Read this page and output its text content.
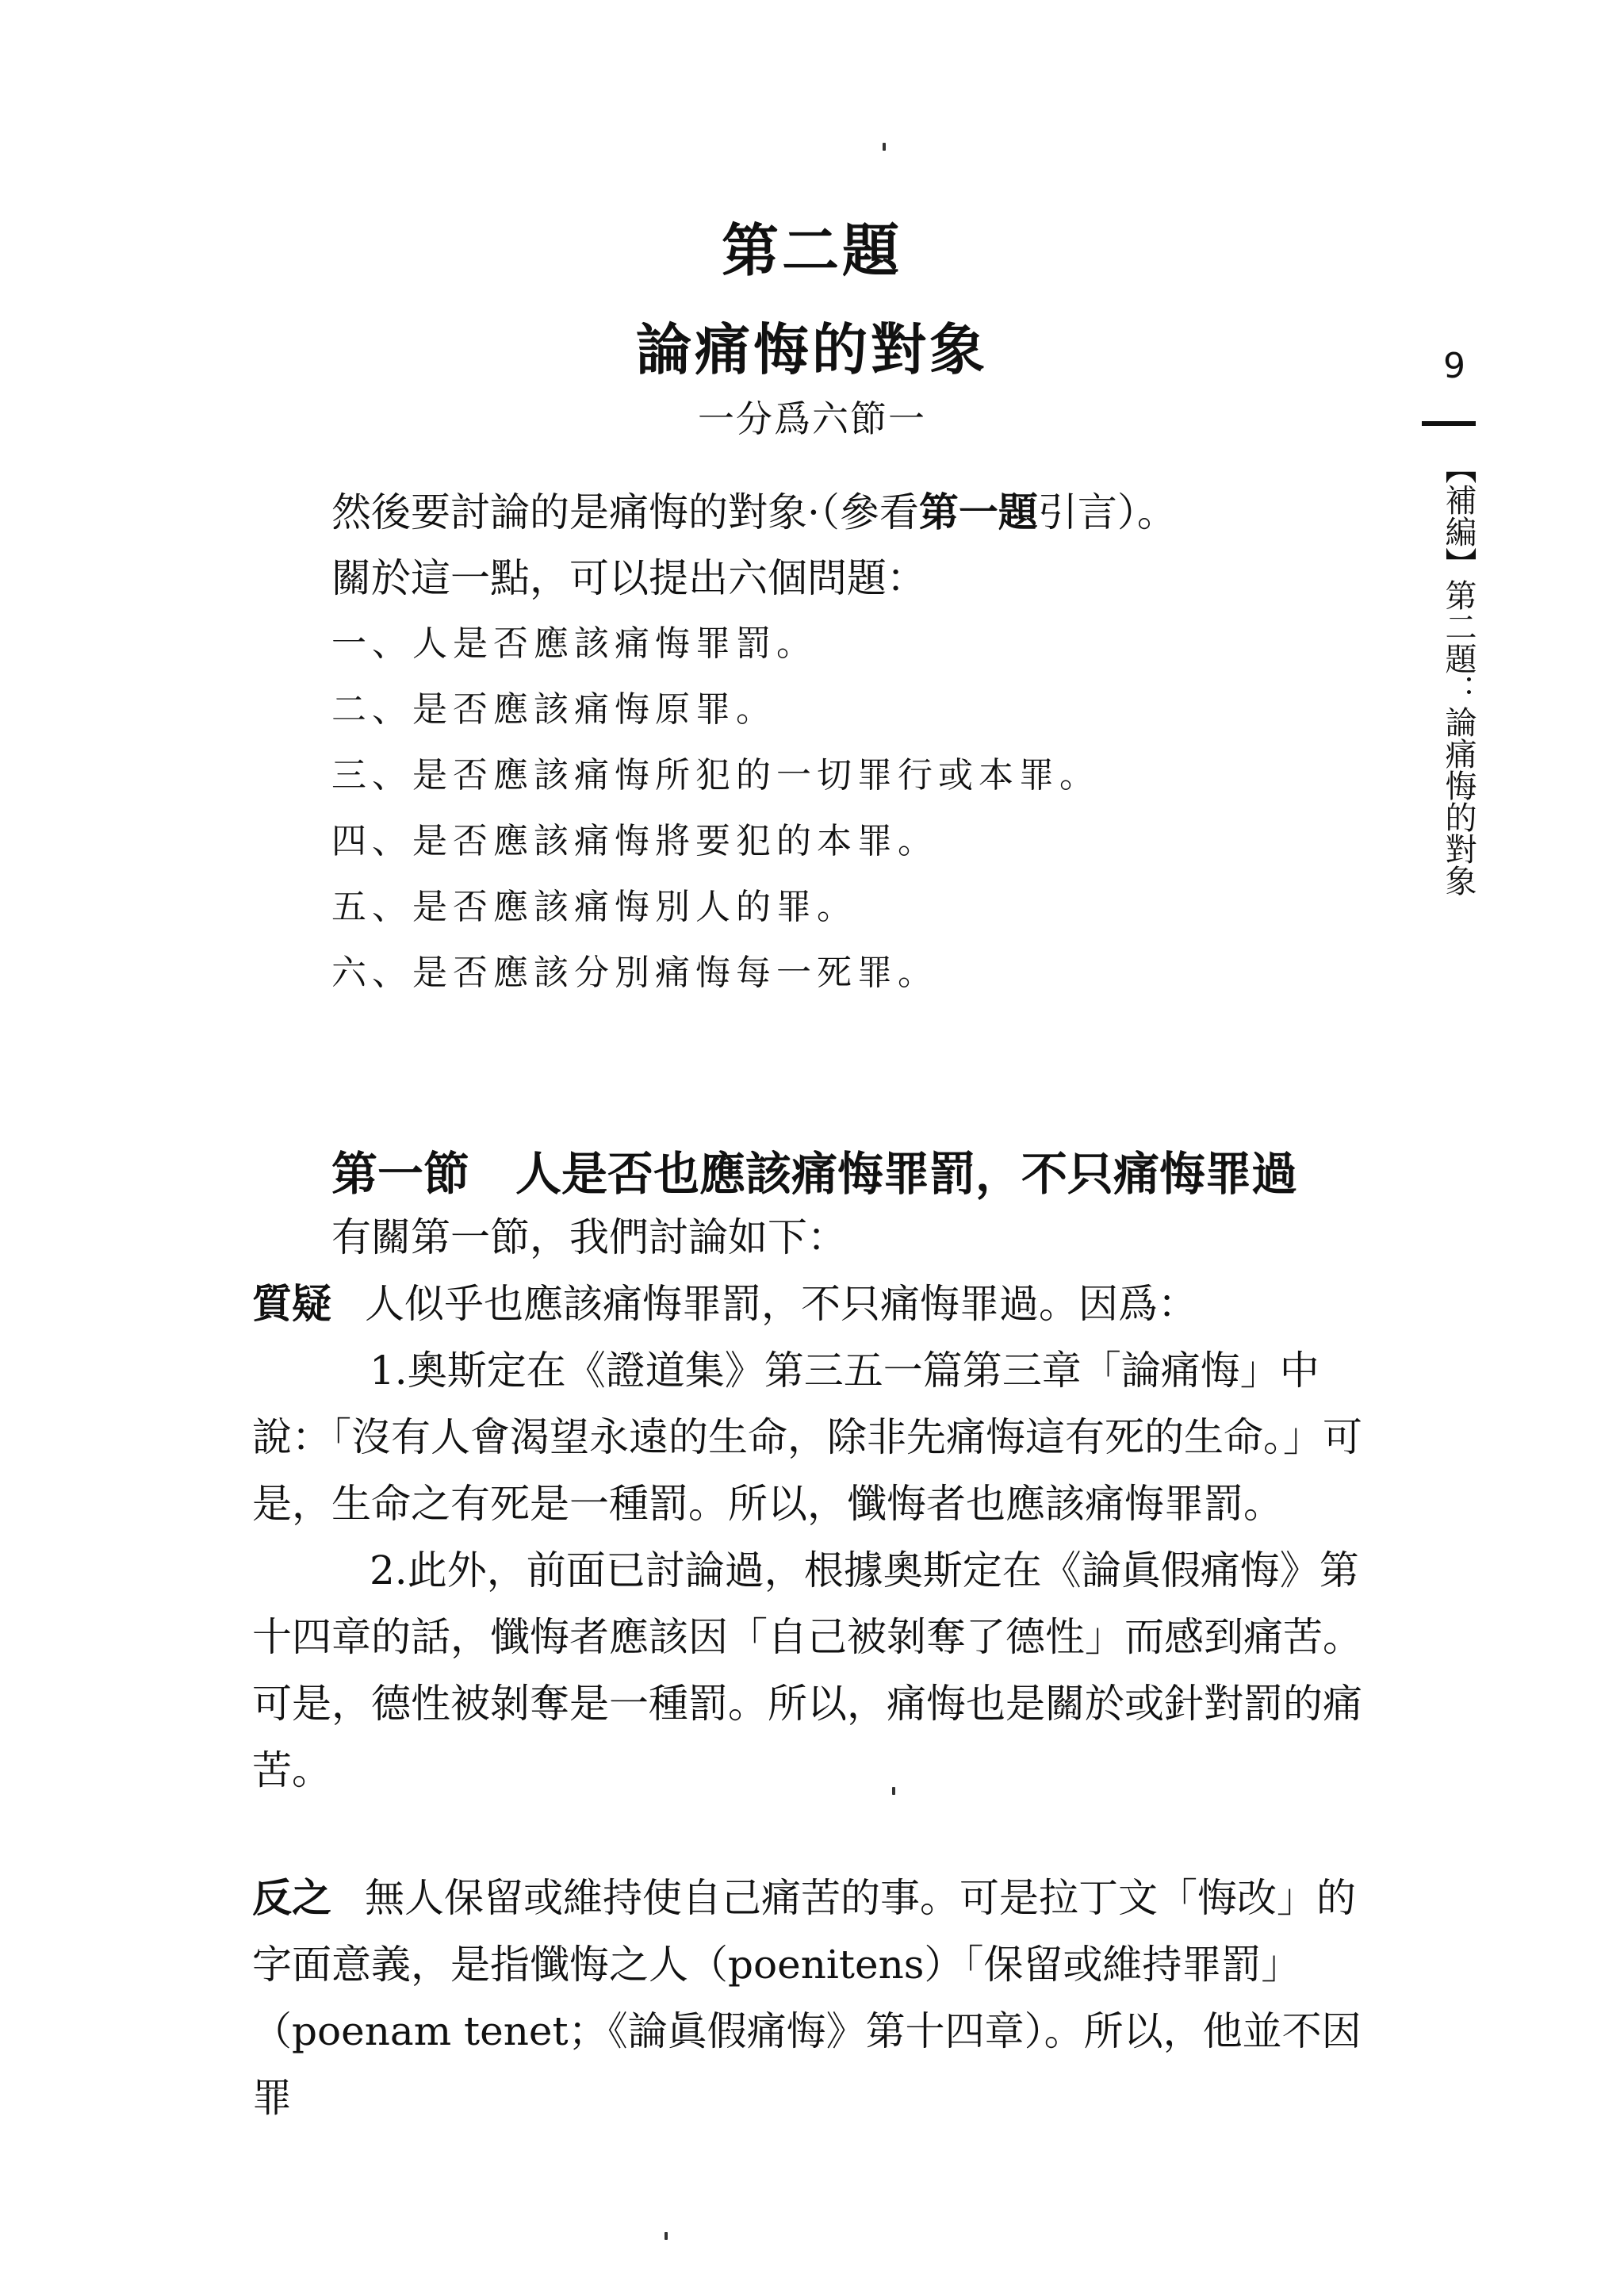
第二題
論痛悔的對象
一分爲六節一
9
【補編】第二題：論痛悔的對象

然後要討論的是痛悔的對象·（參看第一題引言）。

關於這一點，可以提出六個問題：

一、人是否應該痛悔罪罰。
二、是否應該痛悔原罪。
三、是否應該痛悔所犯的一切罪行或本罪。
四、是否應該痛悔將要犯的本罪。
五、是否應該痛悔別人的罪。
六、是否應該分別痛悔每一死罪。
第一節 人是否也應該痛悔罪罰，不只痛悔罪過

有關第一節，我們討論如下：

質疑 人似乎也應該痛悔罪罰，不只痛悔罪過。因爲：

1.奧斯定在《證道集》第三五一篇第三章「論痛悔」中說：「沒有人會渴望永遠的生命，除非先痛悔這有死的生命。」可是，生命之有死是一種罰。所以，懺悔者也應該痛悔罪罰。

2.此外，前面已討論過，根據奧斯定在《論眞假痛悔》第十四章的話，懺悔者應該因「自己被剝奪了德性」而感到痛苦。可是，德性被剝奪是一種罰。所以，痛悔也是關於或針對罰的痛苦。

反之 無人保留或維持使自己痛苦的事。可是拉丁文「悔改」的字面意義，是指懺悔之人（poenitens）「保留或維持罪罰」（poenam tenet；《論眞假痛悔》第十四章）。所以，他並不因罪
